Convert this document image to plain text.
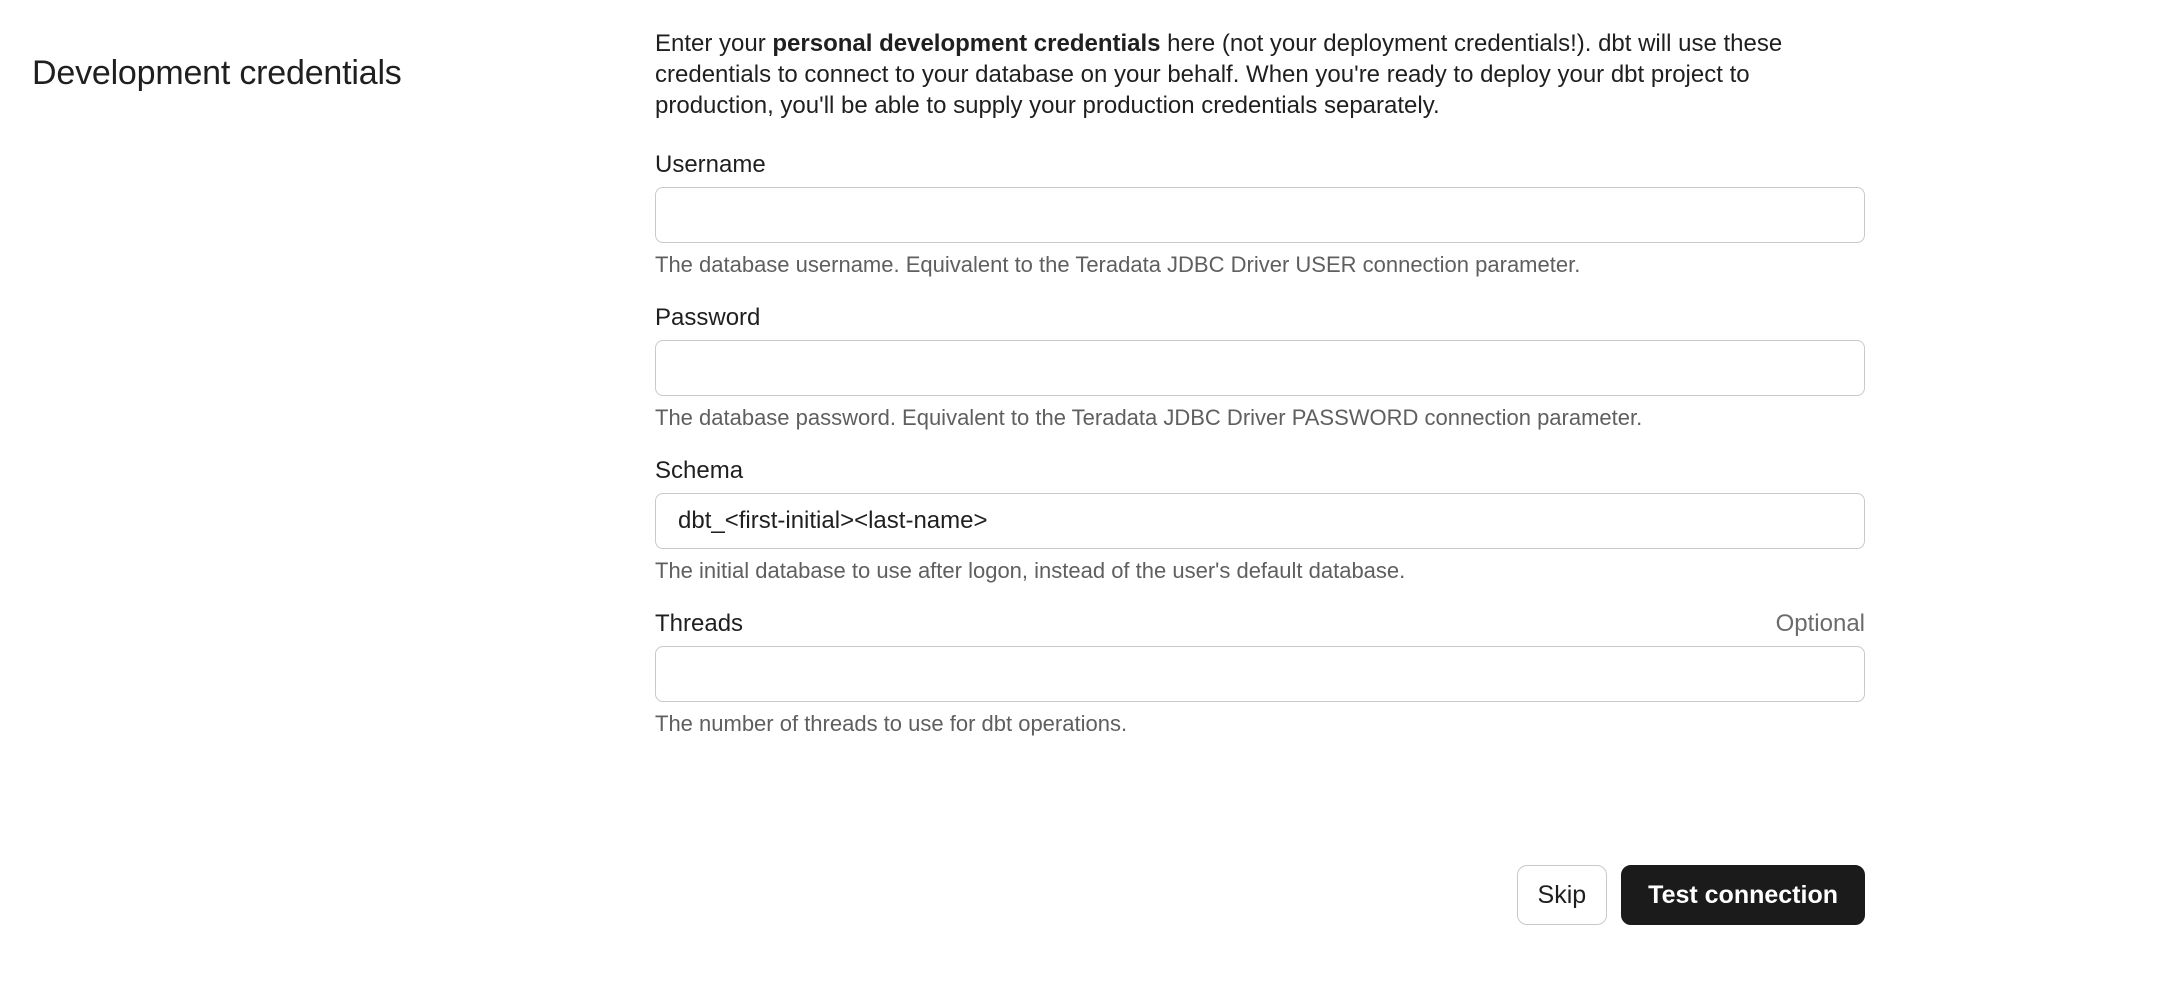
Development credentials

Enter your personal development credentials here (not your deployment credentials!). dbt will use these credentials to connect to your database on your behalf. When you're ready to deploy your dbt project to production, you'll be able to supply your production credentials separately.

Username
The database username. Equivalent to the Teradata JDBC Driver USER connection parameter.
Password
The database password. Equivalent to the Teradata JDBC Driver PASSWORD connection parameter.
Schema
dbt_<first-initial><last-name>
The initial database to use after logon, instead of the user's default database.
Threads	Optional
The number of threads to use for dbt operations.
Skip	Test connection
